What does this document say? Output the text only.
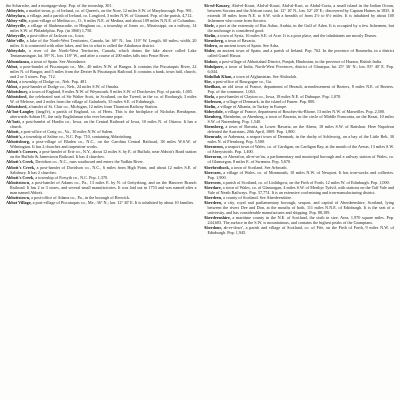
the Scharsche, and a mortgage-shop. Pop. of the township, 301.

Abbeyleix, a market-town, p. of Ireland, co. of Queen's, on the Nore, 12 miles S.W. of Maryborough. Pop. 991.

Abbeylara, a village, and a parish of Ireland, co. Longford, 3 miles N.W. of Granard. Pop. of the parish, 4,712.

Abbey-ville, a post-village of Medina co., O., 6 miles N.E. of Medina, and about 109 miles N.N.E. of Columbus.

Abbeyville, a village of Shubenacadie, or Hingham co., a township of Jones co., Mississippi, on a railway, 14 miles S.W. of Philadelphia. Pop. (in 1860) 1,750.

Abbeyville, a post-office of Jackson co., Iowa.

Abbe'ville, a lake of the North-West Territories, Canada, lat. 60° N., lon. 110° W. Length, 60 miles; width, 20 miles. It is connected with other lakes, and lies in what is called the Athabasca district.

Abbeydole, a river of the North-West Territories, Canada, which drains the lake above called Lake Tentamaningue, lat. 59° N., lon. 118° W., and after a course of 200 miles falls into Peace River.

Abbondanza, a town of Spain. See Abondance.

Abbot, a post-hamlet of Piscataquis co., Me., 40 miles N.W. of Bangor. It contains the Piscataquis River, 22 miles N. of Bangor, and 5 miles from the Dexter & Piscataquis Railroad. It contains a bank, town hall, church, and 2 or 3 stores. Pop. 712.

Abbot, a township of Dodge co., Neb. Pop. 481.

Abbot, a post-hamlet of Dodge co., Neb., 24 miles S.W. of Omaha.

Abbotsbury, a town of England, 8 miles N.W. of Weymouth, 8 miles S.W. of Dorchester. Pop. of parish, 1,005.

Abbotsford, the celebrated seat of Sir Walter Scott, in Scotland, on the Tweed, in the co. of Roxburgh, 3 miles W. of Melrose, and 2 miles from the village of Galashiels, 35 miles S.E. of Edinburgh.

Abbotsford, a hamlet of St. Clair co., Michigan, 12 miles from Thornton Railway Station.

Ab'bot-Langley (langl'e), a parish of England, co. of Herts. This is the birthplace of Nicholas Breakspear, afterwards Adrian IV., the only Englishman who ever became pope.

Ab'bott, a post-hamlet of Hardin co., Iowa, on the Central Railroad of Iowa, 10 miles N. of Ottawa. It has a church.

Abbott, a post-office of Craig co., Va., 10 miles N.W. of Salem.

Abbott's, a township of Saline co., N.C. Pop. 710, containing Abbottsburg.

Abbottsburg, a post-village of Bladen co., N.C., on the Carolina Central Railroad, 38 miles W.S.W. of Wilmington. It has 2 churches and turpentine works.

Abbott's Corners, a post-hamlet of Erie co., N.Y., about 12 miles S. by E. of Buffalo, near Abbott's Road station on the Buffalo & Jamestown Railroad. It has 4 churches.

Abbott's Creek, Davidson co., N.C., runs southward and enters the Yadkin River.

Abbott's Creek, a post-hamlet of Davidson co., N.C., 6 miles from High Point, and about 12 miles S.E. of Salisbury. It has 2 churches.

Abbott's Creek, a township of Forsyth co., N.C. Pop. 1,370.

Abbottstown, a post-hamlet of Adams co., Pa., 13 miles E. by N. of Gettysburg, and on the Hanover Branch Railroad. It has 2 or 3 stores, and several small manufactories. It was laid out in 1753 and was named after a man named Abbott.

Abbottstown, a post-office of Adams co., Pa., in the borough of Berwick.

Abbot Village, a post-village of Piscataquis co., Me., 36° N.; lon. 12° 30' E. It is inhabited by about 10 families.

Ab-ed-Kouary, Abd-el-Kouri, Abd-al-Kouri, Abd-al-Kuri, or Abdul-Curia, a small island in the Indian Ocean, between Socotra and the African coast, lat. 12° 10' N., lon. 52° 20' E.; discovered by Captain Haines in 1835. It extends 18 miles from N.E. to S.W. with a breadth of from 2½ to 6½ miles. It is inhabited by about 100 fishermen who come from Socotra.

Abele, a port at the extremity of Ras Ashur, Arabia, in the Gulf of Aden. It is occupied by a few fishermen, but the anchorage is considered good.

Abelin, a town of Syria, 16 miles S.E. of Acre. It is a poor place, and the inhabitants are mostly Druses.

Abensberg, a town of Bavaria.

Abdera, an ancient town of Spain. See Adra.

Abder, an ancient town of Spain, and a parish of Ireland. Pop. 762. In the province of Roumelia, in a district called Guzel Hissar.

Abdoor, a post-village of Abbottabad District, Punjab, Hindostan, in the province of Hazara, British India.

Abdulpore, a town of India, North-West Provinces, district of Ghazipur, lat. 25° 36' N.; lon. 83° 40' E. Pop. 6,044.

Abdullah Khan, a town of Afghanistan. See Abdoolah.

Abe, a post-office of Bourgogne co., Ga.

Abeilhan, an old town of France, department of Herault, arrondissement of Beziers, 8 miles N.E. of Beziers. Pop. of the commune, 1,063.

Abela, a post-hamlet of Clayton co., Iowa, 18 miles N.E. of Dubuque. Pop. 1,070.

Abelessen, a village of Denmark, in the island of Funen. Pop. 800.

Abelin, a village of Albania, in Turkey in Europe.

Abbeydole, a village of France, department of Bouches-du-Rhone, 13 miles N.W. of Marseilles. Pop. 2,500.

Abenberg, Ebenheim, or Abenberg, a town of Bavaria, in the circle of Middle Franconia, on the Rezat, 10 miles S.W. of Nuremberg. Pop. 1,540.

Abensberg, a town of Bavaria, in Lower Bavaria, on the Abens, 18 miles S.W. of Ratisbon. Here Napoleon defeated the Austrians, 20th April, 1809. Pop. 1,800.

Abenrade, or Aabenraa, a seaport town of Denmark, in the duchy of Schleswig, on a bay of the Little Belt, 30 miles N. of Flensborg. Pop. 5,500.

Aberaeron, a seaport town of Wales, co. of Cardigan, on Cardigan Bay, at the mouth of the Aeron, 13 miles S.W. of Aberystwith. Pop. 1,400.

Aberavon, or Aberafon, ab-er-av'on, a parliamentary and municipal borough and a railway station of Wales, co. of Glamorgan, 8 miles E. of Swansea. Pop. 5,670.

Aberbrothock, a town of Scotland. See Arbroath.

Abercarn, a village of Wales, co. of Monmouth, 10 miles N.W. of Newport. It has iron-works and collieries. Pop. 1,900.

Abercorn, a parish of Scotland, co. of Linlithgow, on the Firth of Forth, 12 miles W. of Edinburgh. Pop. 1,000.

Aberdare, a town of Wales, co. of Glamorgan, 4 miles S.W. of Merthyr Tydvil, with stations on the Taff Vale and Vale of Neath Railways. Pop. 37,774. It is an extensive coal-mining and iron-manufacturing district.

Aberdeen, a county of Scotland. See Aberdeenshire.

Aberdeen, a city, royal and parliamentary borough, seaport, and capital of Aberdeenshire, Scotland, lying between the rivers Dee and Don, at the mouths of both, 111 miles N.N.E. of Edinburgh. It is the seat of a university, and has considerable manufactures and shipping. Pop. 88,189.

Aberdeenshire, a maritime county in the N.E. of Scotland, the sixth in size. Area, 1,970 square miles. Pop. 244,603. The surface in the S.W. is mountainous, and contains the highest peaks of the Grampians.

Aberdour, ab-er-dowr', a parish and village of Scotland, co. of Fife, on the Firth of Forth, 9 miles N.W. of Edinburgh. Pop. 1,945.
